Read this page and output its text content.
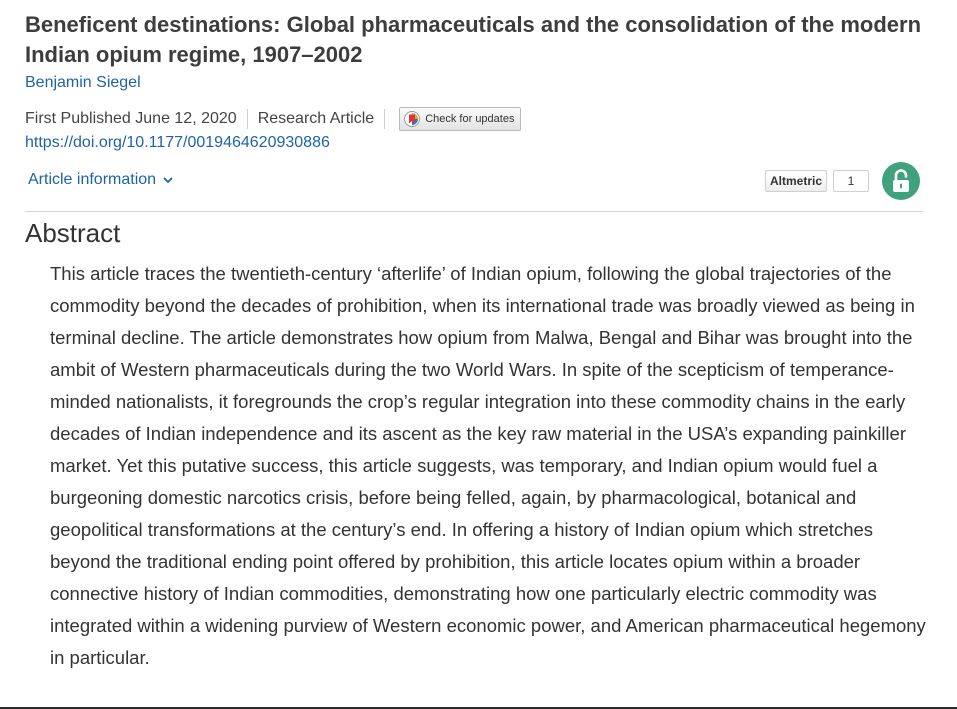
Beneficent destinations: Global pharmaceuticals and the consolidation of the modern Indian opium regime, 1907–2002
Benjamin Siegel
First Published June 12, 2020 Research Article	Check for updates
https://doi.org/10.1177/0019464620930886
Article information	Altmetric	1
Abstract

This article traces the twentieth-century ‘afterlife’ of Indian opium, following the global trajectories of the commodity beyond the decades of prohibition, when its international trade was broadly viewed as being in terminal decline. The article demonstrates how opium from Malwa, Bengal and Bihar was brought into the ambit of Western pharmaceuticals during the two World Wars. In spite of the scepticism of temperance-minded nationalists, it foregrounds the crop’s regular integration into these commodity chains in the early decades of Indian independence and its ascent as the key raw material in the USA’s expanding painkiller market. Yet this putative success, this article suggests, was temporary, and Indian opium would fuel a burgeoning domestic narcotics crisis, before being felled, again, by pharmacological, botanical and geopolitical transformations at the century’s end. In offering a history of Indian opium which stretches beyond the traditional ending point offered by prohibition, this article locates opium within a broader connective history of Indian commodities, demonstrating how one particularly electric commodity was integrated within a widening purview of Western economic power, and American pharmaceutical hegemony in particular.
